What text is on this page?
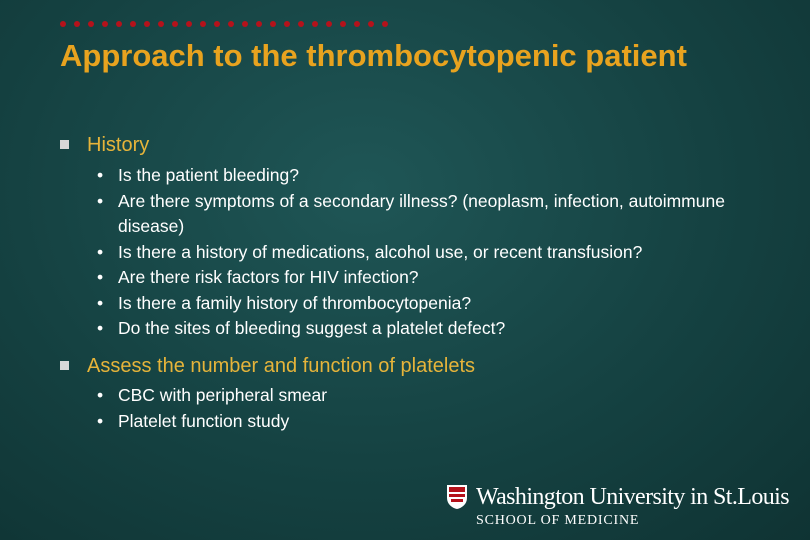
Approach to the thrombocytopenic patient
History
• Is the patient bleeding?
• Are there symptoms of a secondary illness? (neoplasm, infection, autoimmune disease)
• Is there a history of medications, alcohol use, or recent transfusion?
• Are there risk factors for HIV infection?
• Is there a family history of thrombocytopenia?
• Do the sites of bleeding suggest a platelet defect?
Assess the number and function of platelets
• CBC with peripheral smear
• Platelet function study
Washington University in St.Louis
SCHOOL OF MEDICINE
